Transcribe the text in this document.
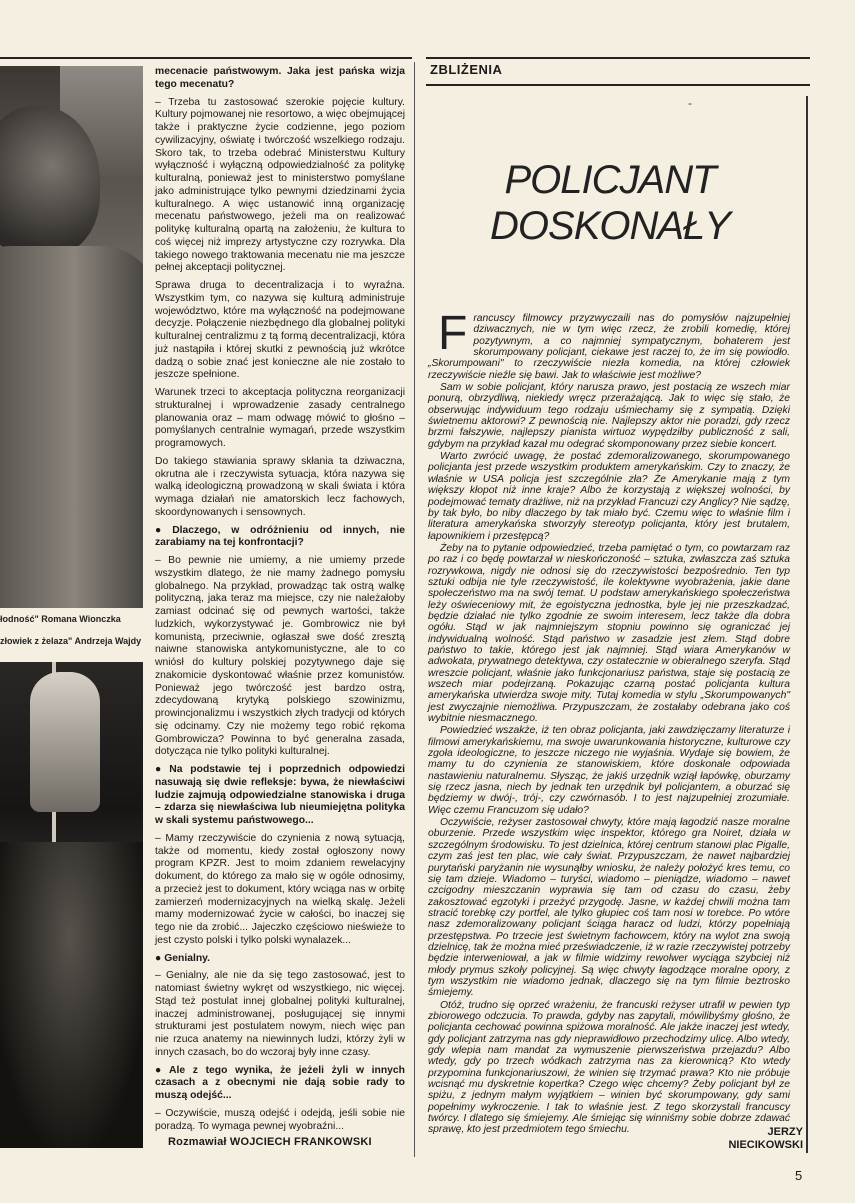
łodność" Romana Wionczka
złowiek z żelaza" Andrzeja Wajdy

mecenacie państwowym. Jaka jest pańska wizja tego mecenatu?

– Trzeba tu zastosować szerokie pojęcie kultury. Kultury pojmowanej nie resortowo, a więc obejmującej także i praktyczne życie codzienne, jego poziom cywilizacyjny, oświatę i twórczość wszelkiego rodzaju. Skoro tak, to trzeba odebrać Ministerstwu Kultury wyłączność i wyłączną odpowiedzialność za politykę kulturalną, ponieważ jest to ministerstwo pomyślane jako administrujące tylko pewnymi dziedzinami życia kulturalnego. A więc ustanowić inną organizację mecenatu państwowego, jeżeli ma on realizować politykę kulturalną opartą na założeniu, że kultura to coś więcej niż imprezy artystyczne czy rozrywka. Dla takiego nowego traktowania mecenatu nie ma jeszcze pełnej akceptacji politycznej.

Sprawa druga to decentralizacja i to wyraźna. Wszystkim tym, co nazywa się kulturą administruje województwo, które ma wyłączność na podejmowane decyzje. Połączenie niezbędnego dla globalnej polityki kulturalnej centralizmu z tą formą decentralizacji, która już nastąpiła i której skutki z pewnością już wkrótce dadzą o sobie znać jest konieczne ale nie zostało to jeszcze spełnione.

Warunek trzeci to akceptacja polityczna reorganizacji strukturalnej i wprowadzenie zasady centralnego planowania oraz – mam odwagę mówić to głośno – pomyślanych centralnie wymagań, przede wszystkim programowych.

Do takiego stawiania sprawy skłania ta dziwaczna, okrutna ale i rzeczywista sytuacja, która nazywa się walką ideologiczną prowadzoną w skali świata i która wymaga działań nie amatorskich lecz fachowych, skoordynowanych i sensownych.

● Dlaczego, w odróżnieniu od innych, nie zarabiamy na tej konfrontacji?

– Bo pewnie nie umiemy, a nie umiemy przede wszystkim dlatego, że nie mamy żadnego pomysłu globalnego. Na przykład, prowadząc tak ostrą walkę polityczną, jaka teraz ma miejsce, czy nie należałoby zamiast odcinać się od pewnych wartości, także ludzkich, wykorzystywać je. Gombrowicz nie był komunistą, przeciwnie, ogłaszał swe dość zresztą naiwne stanowiska antykomunistyczne, ale to co wniósł do kultury polskiej pozytywnego daje się znakomicie dyskontować właśnie przez komunistów. Ponieważ jego twórczość jest bardzo ostrą, zdecydowaną krytyką polskiego szowinizmu, prowincjonalizmu i wszystkich złych tradycji od których się odcinamy. Czy nie możemy tego robić rękoma Gombrowicza? Powinna to być generalna zasada, dotycząca nie tylko polityki kulturalnej.

● Na podstawie tej i poprzednich odpowiedzi nasuwają się dwie refleksje: bywa, że niewłaściwi ludzie zajmują odpowiedzialne stanowiska i druga – zdarza się niewłaściwa lub nieumiejętna polityka w skali systemu państwowego...

– Mamy rzeczywiście do czynienia z nową sytuacją, także od momentu, kiedy został ogłoszony nowy program KPZR. Jest to moim zdaniem rewelacyjny dokument, do którego za mało się w ogóle odnosimy, a przecież jest to dokument, który wciąga nas w orbitę zamierzeń modernizacyjnych na wielką skalę. Jeżeli mamy modernizować życie w całości, bo inaczej się tego nie da zrobić... Jajeczko częściowo nieświeże to jest czysto polski i tylko polski wynalazek...

● Genialny.

– Genialny, ale nie da się tego zastosować, jest to natomiast świetny wykręt od wszystkiego, nic więcej. Stąd też postulat innej globalnej polityki kulturalnej, inaczej administrowanej, posługującej się innymi strukturami jest postulatem nowym, niech więc pan nie rzuca anatemy na niewinnych ludzi, którzy żyli w innych czasach, bo do wczoraj były inne czasy.

● Ale z tego wynika, że jeżeli żyli w innych czasach a z obecnymi nie dają sobie rady to muszą odejść...

– Oczywiście, muszą odejść i odejdą, jeśli sobie nie poradzą. To wymaga pewnej wyobraźni...

Rozmawiał WOJCIECH FRANKOWSKI
ZBLIŻENIA
-
POLICJANT
DOSKONAŁY

Francuscy filmowcy przyzwyczaili nas do pomysłów najzupełniej dziwacznych, nie w tym więc rzecz, że zrobili komedię, której pozytywnym, a co najmniej sympatycznym, bohaterem jest skorumpowany policjant, ciekawe jest raczej to, że im się powiodło. „Skorumpowani" to rzeczywiście niezła komedia, na której człowiek rzeczywiście nieźle się bawi. Jak to właściwie jest możliwe?

Sam w sobie policjant, który narusza prawo, jest postacią ze wszech miar ponurą, obrzydliwą, niekiedy wręcz przerażającą. Jak to więc się stało, że obserwując indywiduum tego rodzaju uśmiechamy się z sympatią. Dzięki świetnemu aktorowi? Z pewnością nie. Najlepszy aktor nie poradzi, gdy rzecz brzmi fałszywie, najlepszy pianista wirtuoz wypędziłby publiczność z sali, gdybym na przykład kazał mu odegrać skomponowany przez siebie koncert.

Warto zwrócić uwagę, że postać zdemoralizowanego, skorumpowanego policjanta jest przede wszystkim produktem amerykańskim. Czy to znaczy, że właśnie w USA policja jest szczególnie zła? Że Amerykanie mają z tym większy kłopot niż inne kraje? Albo że korzystają z większej wolności, by podejmować tematy drażliwe, niż na przykład Francuzi czy Anglicy? Nie sądzę, by tak było, bo niby dlaczego by tak miało być. Czemu więc to właśnie film i literatura amerykańska stworzyły stereotyp policjanta, który jest brutalem, łapownikiem i przestępcą?

Żeby na to pytanie odpowiedzieć, trzeba pamiętać o tym, co powtarzam raz po raz i co będę powtarzał w nieskończoność – sztuka, zwłaszcza zaś sztuka rozrywkowa, nigdy nie odnosi się do rzeczywistości bezpośrednio. Ten typ sztuki odbija nie tyle rzeczywistość, ile kolektywne wyobrażenia, jakie dane społeczeństwo ma na swój temat. U podstaw amerykańskiego społeczeństwa leży oświeceniowy mit, że egoistyczna jednostka, byle jej nie przeszkadzać, będzie działać nie tylko zgodnie ze swoim interesem, lecz także dla dobra ogółu. Stąd w jak najmniejszym stopniu powinno się ograniczać jej indywidualną wolność. Stąd państwo w zasadzie jest złem. Stąd dobre państwo to takie, którego jest jak najmniej. Stąd wiara Amerykanów w adwokata, prywatnego detektywa, czy ostatecznie w obieralnego szeryfa. Stąd wreszcie policjant, właśnie jako funkcjonariusz państwa, staje się postacią ze wszech miar podejrzaną. Pokazując czarną postać policjanta kultura amerykańska utwierdza swoje mity. Tutaj komedia w stylu „Skorumpowanych" jest zwyczajnie niemożliwa. Przypuszczam, że zostałaby odebrana jako coś wybitnie niesmacznego.

Powiedzieć wszakże, iż ten obraz policjanta, jaki zawdzięczamy literaturze i filmowi amerykańskiemu, ma swoje uwarunkowania historyczne, kulturowe czy zgoła ideologiczne, to jeszcze niczego nie wyjaśnia. Wydaje się bowiem, że mamy tu do czynienia ze stanowiskiem, które doskonale odpowiada nastawieniu naturalnemu. Słysząc, że jakiś urzędnik wziął łapówkę, oburzamy się rzecz jasna, niech by jednak ten urzędnik był policjantem, a oburzać się będziemy w dwój-, trój-, czy czwórnasób. I to jest najzupełniej zrozumiałe. Więc czemu Francuzom się udało?

Oczywiście, reżyser zastosował chwyty, które mają łagodzić nasze moralne oburzenie. Przede wszystkim więc inspektor, którego gra Noiret, działa w szczególnym środowisku. To jest dzielnica, której centrum stanowi plac Pigalle, czym zaś jest ten plac, wie cały świat. Przypuszczam, że nawet najbardziej purytański paryżanin nie wysunąłby wniosku, że należy położyć kres temu, co się tam dzieje. Wiadomo – turyści, wiadomo – pieniądze, wiadomo – nawet czcigodny mieszczanin wyprawia się tam od czasu do czasu, żeby zakosztować egzotyki i przeżyć przygodę. Jasne, w każdej chwili można tam stracić torebkę czy portfel, ale tylko głupiec coś tam nosi w torebce. Po wtóre nasz zdemoralizowany policjant ściąga haracz od ludzi, którzy popełniają przestępstwa. Po trzecie jest świetnym fachowcem, który na wylot zna swoją dzielnicę, tak że można mieć przeświadczenie, iż w razie rzeczywistej potrzeby będzie interweniował, a jak w filmie widzimy rewolwer wyciąga szybciej niż młody prymus szkoły policyjnej. Są więc chwyty łagodzące moralne opory, z tym wszystkim nie wiadomo jednak, dlaczego się na tym filmie beztrosko śmiejemy.

Otóż, trudno się oprzeć wrażeniu, że francuski reżyser utrafił w pewien typ zbiorowego odczucia. To prawda, gdyby nas zapytali, mówilibyśmy głośno, że policjanta cechować powinna spiżowa moralność. Ale jakże inaczej jest wtedy, gdy policjant zatrzyma nas gdy nieprawidłowo przechodzimy ulicę. Albo wtedy, gdy wlepia nam mandat za wymuszenie pierwszeństwa przejazdu? Albo wtedy, gdy po trzech wódkach zatrzyma nas za kierownicą? Kto wtedy przypomina funkcjonariuszowi, że winien się trzymać prawa? Kto nie próbuje wcisnąć mu dyskretnie kopertka? Czego więc chcemy? Żeby policjant był ze spiżu, z jednym małym wyjątkiem – winien być skorumpowany, gdy sami popełnimy wykroczenie. I tak to właśnie jest. Z tego skorzystali francuscy twórcy. I dlatego się śmiejemy. Ale śmiejąc się winniśmy sobie dobrze zdawać sprawę, kto jest przedmiotem tego śmiechu.	JERZY
NIECIKOWSKI
5
